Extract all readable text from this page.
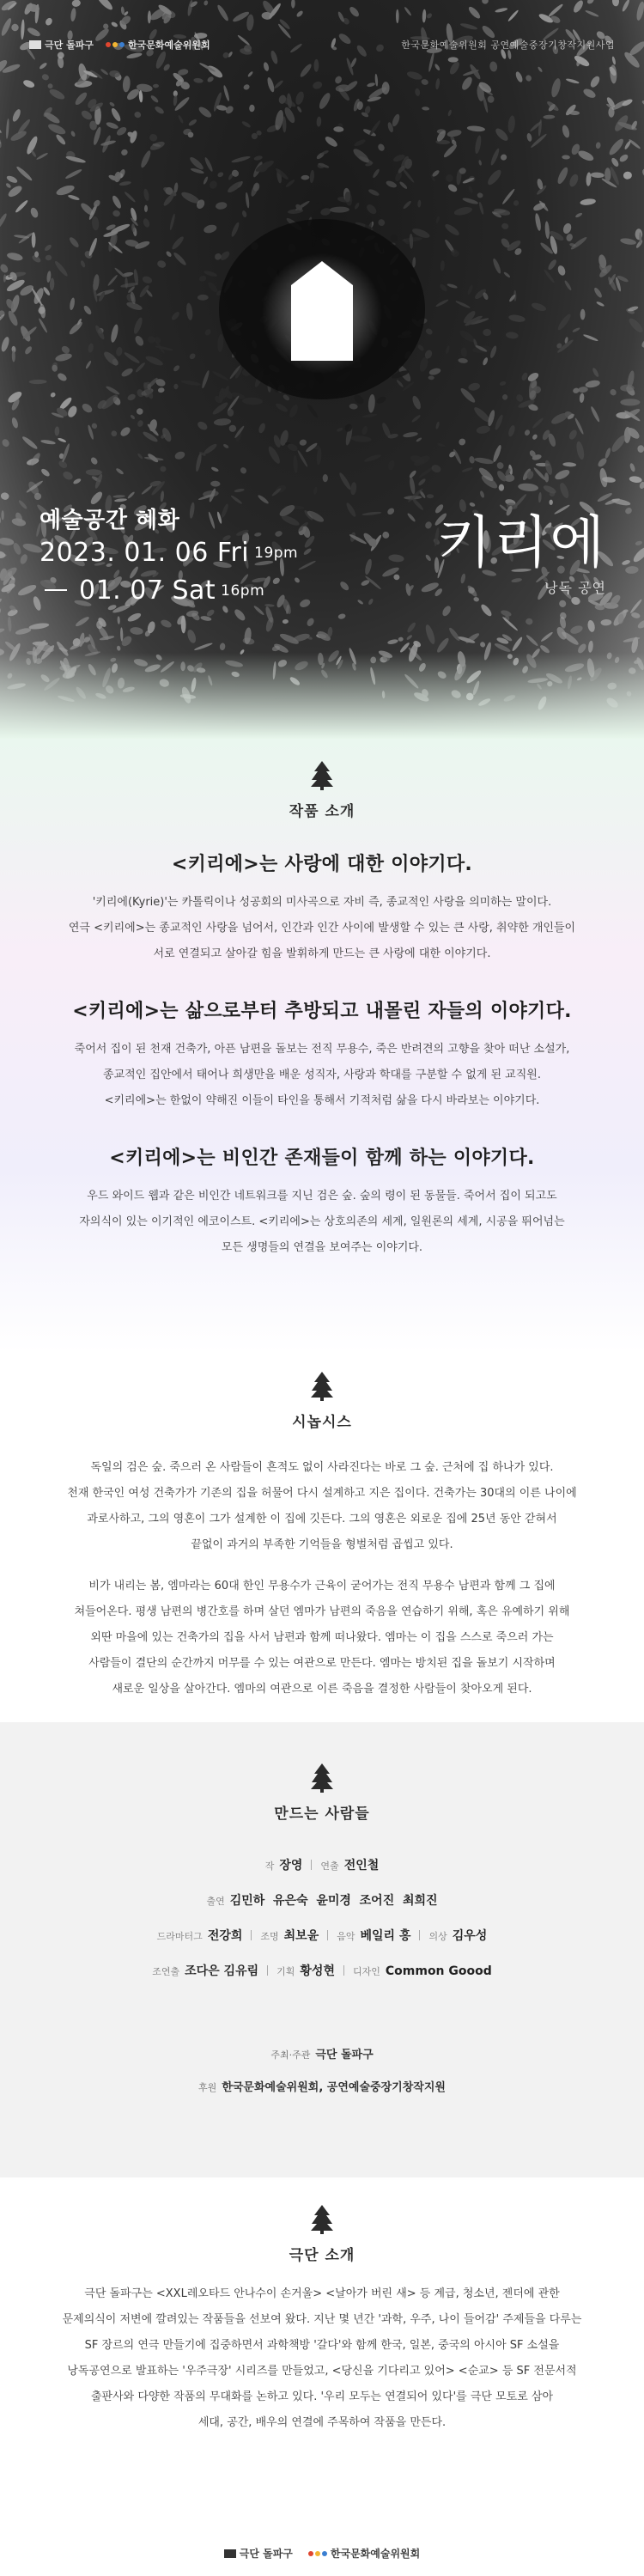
극단 돌파구	한국문화예술위원회	한국문화예술위원회 공연예술중장기창작지원사업
예술공간 혜화
2023. 01. 06 Fri 19pm
01. 07 Sat 16pm
키리에
낭독 공연
작품 소개
<키리에>는 사랑에 대한 이야기다.

'키리에(Kyrie)'는 카톨릭이나 성공회의 미사곡으로 자비 즉, 종교적인 사랑을 의미하는 말이다.

연극 <키리에>는 종교적인 사랑을 넘어서, 인간과 인간 사이에 발생할 수 있는 큰 사랑, 취약한 개인들이

서로 연결되고 살아갈 힘을 발휘하게 만드는 큰 사랑에 대한 이야기다.

<키리에>는 삶으로부터 추방되고 내몰린 자들의 이야기다.

죽어서 집이 된 천재 건축가, 아픈 남편을 돌보는 전직 무용수, 죽은 반려견의 고향을 찾아 떠난 소설가,

종교적인 집안에서 태어나 희생만을 배운 성직자, 사랑과 학대를 구분할 수 없게 된 교직원.

<키리에>는 한없이 약해진 이들이 타인을 통해서 기적처럼 삶을 다시 바라보는 이야기다.

<키리에>는 비인간 존재들이 함께 하는 이야기다.

우드 와이드 웹과 같은 비인간 네트워크를 지닌 검은 숲. 숲의 령이 된 동물들. 죽어서 집이 되고도

자의식이 있는 이기적인 에코이스트. <키리에>는 상호의존의 세계, 일원론의 세계, 시공을 뛰어넘는

모든 생명들의 연결을 보여주는 이야기다.

시놉시스

독일의 검은 숲. 죽으러 온 사람들이 흔적도 없이 사라진다는 바로 그 숲. 근처에 집 하나가 있다.

천재 한국인 여성 건축가가 기존의 집을 허물어 다시 설계하고 지은 집이다. 건축가는 30대의 이른 나이에

과로사하고, 그의 영혼이 그가 설계한 이 집에 깃든다. 그의 영혼은 외로운 집에 25년 동안 갇혀서

끝없이 과거의 부족한 기억들을 형벌처럼 곱씹고 있다.

비가 내리는 봄, 엠마라는 60대 한인 무용수가 근육이 굳어가는 전직 무용수 남편과 함께 그 집에

쳐들어온다. 평생 남편의 병간호를 하며 살던 엠마가 남편의 죽음을 연습하기 위해, 혹은 유예하기 위해

외딴 마을에 있는 건축가의 집을 사서 남편과 함께 떠나왔다. 엠마는 이 집을 스스로 죽으러 가는

사람들이 결단의 순간까지 머무를 수 있는 여관으로 만든다. 엠마는 방치된 집을 돌보기 시작하며

새로운 일상을 살아간다. 엠마의 여관으로 이른 죽음을 결정한 사람들이 찾아오게 된다.

만드는 사람들
작 장영 연출 전인철
출연 김민하  유은숙  윤미경  조어진  최희진
드라마터그 전강희 조명 최보윤 음악 베일리 홍 의상 김우성
조연출 조다은 김유림 기획 황성현 디자인 Common Goood
주최·주관 극단 돌파구
후원 한국문화예술위원회, 공연예술중장기창작지원
극단 소개

극단 돌파구는 <XXL레오타드 안나수이 손거울> <날아가 버린 새> 등 계급, 청소년, 젠더에 관한

문제의식이 저변에 깔려있는 작품들을 선보여 왔다. 지난 몇 년간 '과학, 우주, 나이 들어감' 주제들을 다루는

SF 장르의 연극 만들기에 집중하면서 과학책방 '갈다'와 함께 한국, 일본, 중국의 아시아 SF 소설을

낭독공연으로 발표하는 '우주극장' 시리즈를 만들었고, <당신을 기다리고 있어> <순교> 등 SF 전문서적

출판사와 다양한 작품의 무대화를 논하고 있다. '우리 모두는 연결되어 있다'를 극단 모토로 삼아

세대, 공간, 배우의 연결에 주목하여 작품을 만든다.

극단 돌파구	한국문화예술위원회
